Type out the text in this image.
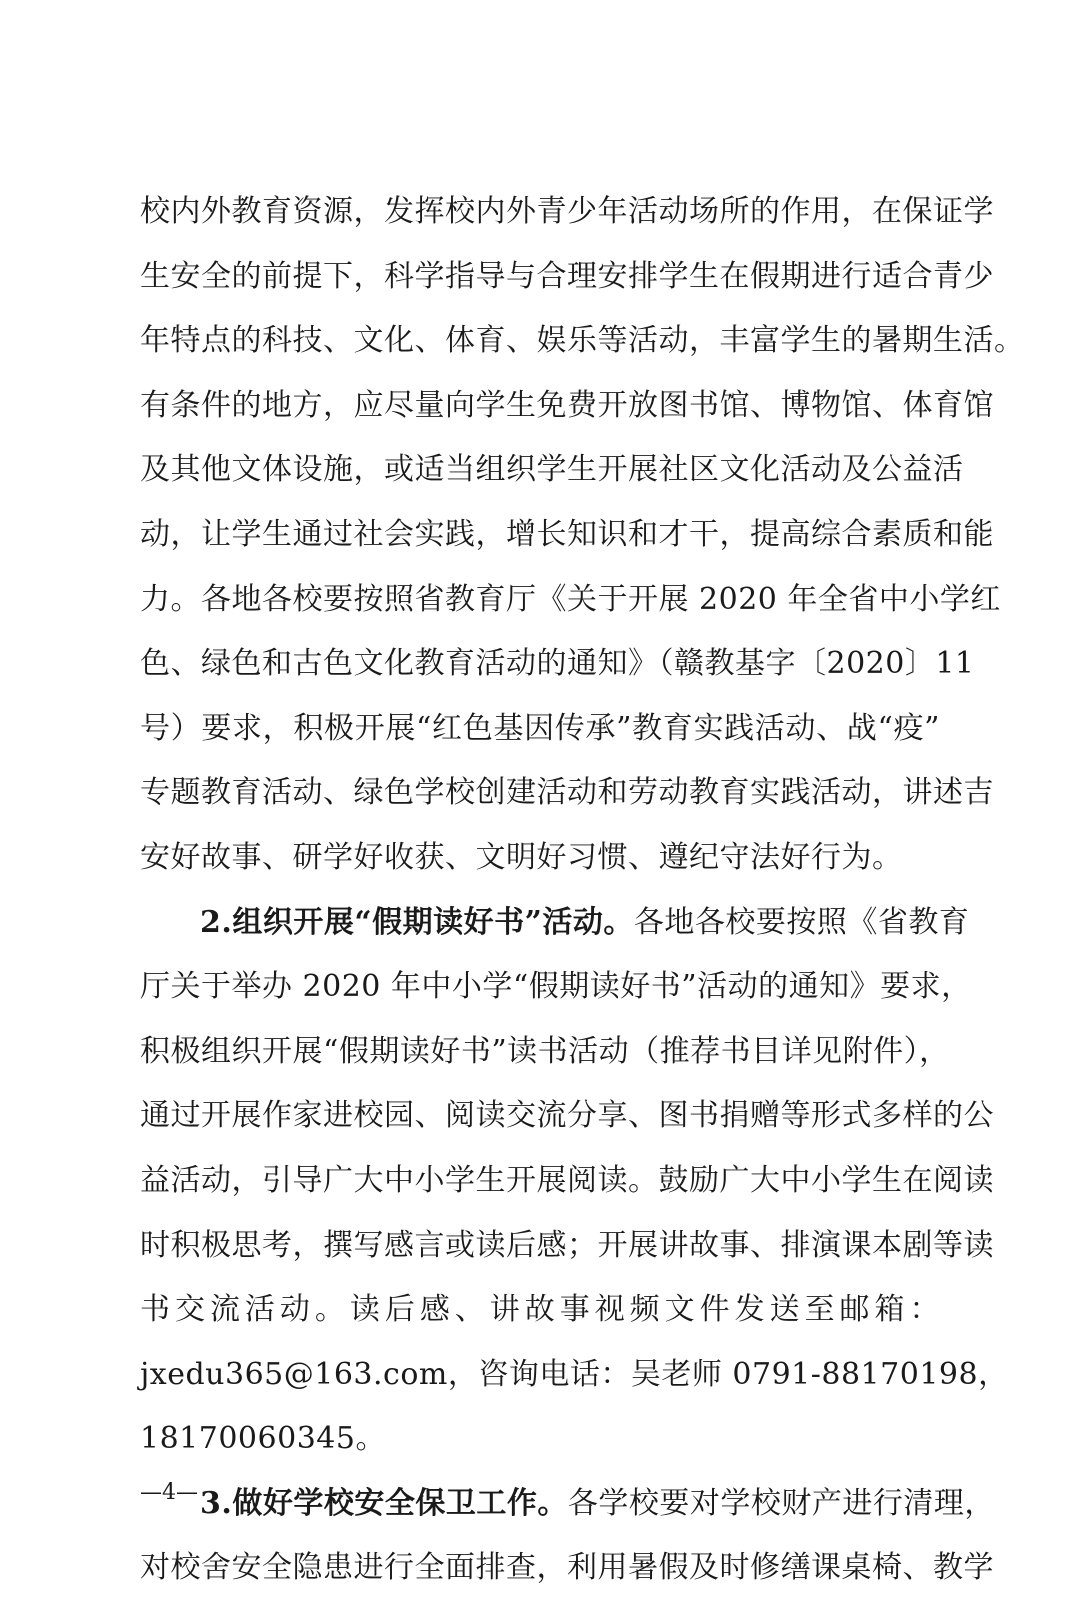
校内外教育资源，发挥校内外青少年活动场所的作用，在保证学
生安全的前提下，科学指导与合理安排学生在假期进行适合青少
年特点的科技、文化、体育、娱乐等活动，丰富学生的暑期生活。
有条件的地方，应尽量向学生免费开放图书馆、博物馆、体育馆
及其他文体设施，或适当组织学生开展社区文化活动及公益活
动，让学生通过社会实践，增长知识和才干，提高综合素质和能
力。各地各校要按照省教育厅《关于开展 2020 年全省中小学红
色、绿色和古色文化教育活动的通知》（赣教基字〔2020〕11
号）要求，积极开展“红色基因传承”教育实践活动、战“疫”
专题教育活动、绿色学校创建活动和劳动教育实践活动，讲述吉
安好故事、研学好收获、文明好习惯、遵纪守法好行为。
2.组织开展“假期读好书”活动。各地各校要按照《省教育
厅关于举办 2020 年中小学“假期读好书”活动的通知》要求，
积极组织开展“假期读好书”读书活动（推荐书目详见附件），
通过开展作家进校园、阅读交流分享、图书捐赠等形式多样的公
益活动，引导广大中小学生开展阅读。鼓励广大中小学生在阅读
时积极思考，撰写感言或读后感；开展讲故事、排演课本剧等读
书交流活动。读后感、讲故事视频文件发送至邮箱：
jxedu365@163.com，咨询电话：吴老师 0791-88170198，
18170060345。
3.做好学校安全保卫工作。各学校要对学校财产进行清理，
对校舍安全隐患进行全面排查，利用暑假及时修缮课桌椅、教学
—4—
